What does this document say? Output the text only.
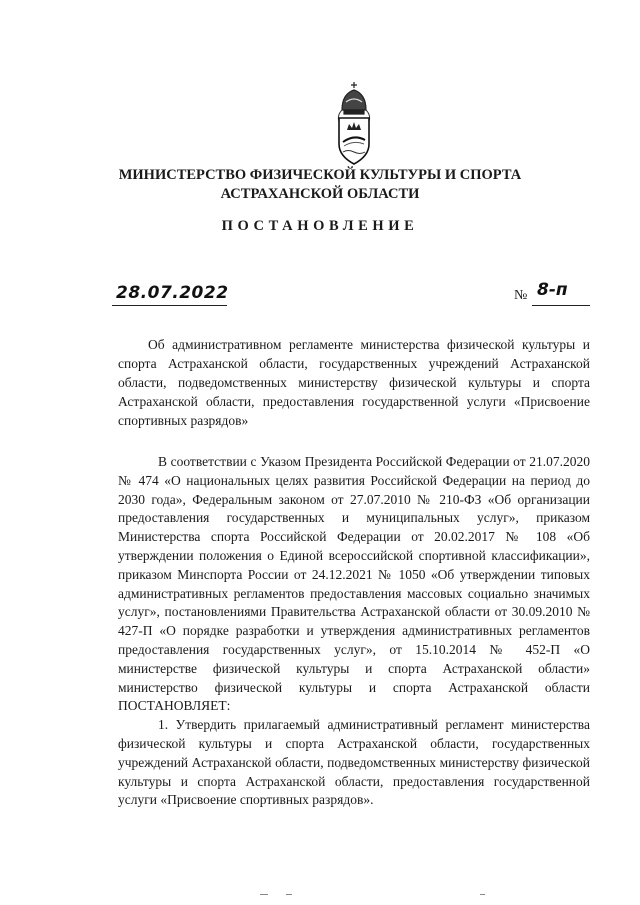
МИНИСТЕРСТВО ФИЗИЧЕСКОЙ КУЛЬТУРЫ И СПОРТА
АСТРАХАНСКОЙ ОБЛАСТИ
ПОСТАНОВЛЕНИЕ
28.07.2022	№ 8-п

Об административном регламенте министерства физической культуры и спорта Астраханской области, государственных учреждений Астраханской области, подведомственных министерству физической культуры и спорта Астраханской области, предоставления государственной услуги «Присвоение спортивных разрядов»

В соответствии с Указом Президента Российской Федерации от 21.07.2020 № 474 «О национальных целях развития Российской Федерации на период до 2030 года», Федеральным законом от 27.07.2010 № 210-ФЗ «Об организации предоставления государственных и муниципальных услуг», приказом Министерства спорта Российской Федерации от 20.02.2017 № 108 «Об утверждении положения о Единой всероссийской спортивной классификации», приказом Минспорта России от 24.12.2021 № 1050 «Об утверждении типовых административных регламентов предоставления массовых социально значимых услуг», постановлениями Правительства Астраханской области от 30.09.2010 № 427-П «О порядке разработки и утверждения административных регламентов предоставления государственных услуг», от 15.10.2014 № 452-П «О министерстве физической культуры и спорта Астраханской области» министерство физической культуры и спорта Астраханской области ПОСТАНОВЛЯЕТ:

1. Утвердить прилагаемый административный регламент министерства физической культуры и спорта Астраханской области, государственных учреждений Астраханской области, подведомственных министерству физической культуры и спорта Астраханской области, предоставления государственной услуги «Присвоение спортивных разрядов».
